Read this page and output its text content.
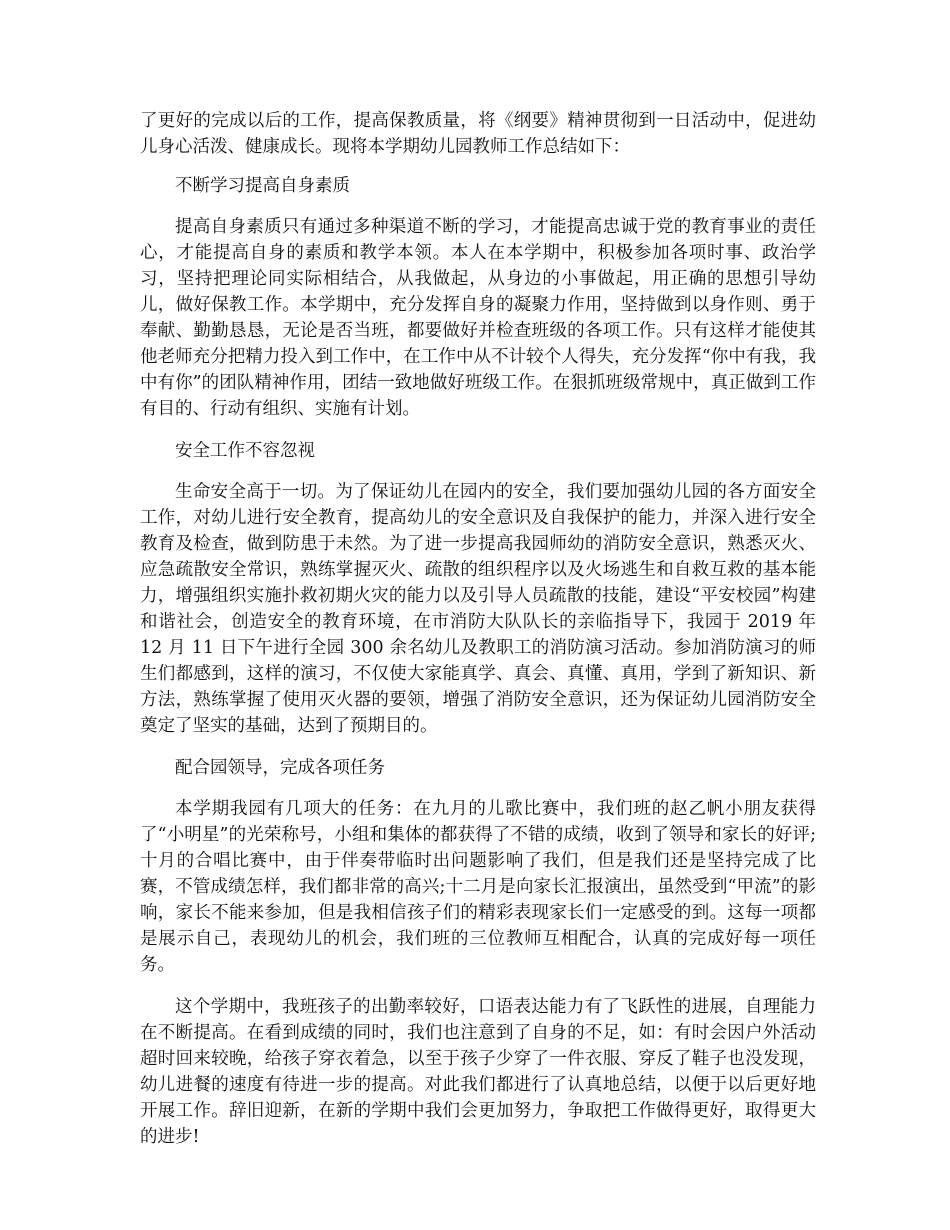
了更好的完成以后的工作，提高保教质量，将《纲要》精神贯彻到一日活动中，促进幼儿身心活泼、健康成长。现将本学期幼儿园教师工作总结如下：

不断学习提高自身素质

提高自身素质只有通过多种渠道不断的学习，才能提高忠诚于党的教育事业的责任心，才能提高自身的素质和教学本领。本人在本学期中，积极参加各项时事、政治学习，坚持把理论同实际相结合，从我做起，从身边的小事做起，用正确的思想引导幼儿，做好保教工作。本学期中，充分发挥自身的凝聚力作用，坚持做到以身作则、勇于奉献、勤勤恳恳，无论是否当班，都要做好并检查班级的各项工作。只有这样才能使其他老师充分把精力投入到工作中，在工作中从不计较个人得失，充分发挥“你中有我，我中有你”的团队精神作用，团结一致地做好班级工作。在狠抓班级常规中，真正做到工作有目的、行动有组织、实施有计划。

安全工作不容忽视

生命安全高于一切。为了保证幼儿在园内的安全，我们要加强幼儿园的各方面安全工作，对幼儿进行安全教育，提高幼儿的安全意识及自我保护的能力，并深入进行安全教育及检查，做到防患于未然。为了进一步提高我园师幼的消防安全意识，熟悉灭火、应急疏散安全常识，熟练掌握灭火、疏散的组织程序以及火场逃生和自救互救的基本能力，增强组织实施扑救初期火灾的能力以及引导人员疏散的技能，建设“平安校园”构建和谐社会，创造安全的教育环境，在市消防大队队长的亲临指导下，我园于 2019 年 12 月 11 日下午进行全园 300 余名幼儿及教职工的消防演习活动。参加消防演习的师生们都感到，这样的演习，不仅使大家能真学、真会、真懂、真用，学到了新知识、新方法，熟练掌握了使用灭火器的要领，增强了消防安全意识，还为保证幼儿园消防安全奠定了坚实的基础，达到了预期目的。

配合园领导，完成各项任务

本学期我园有几项大的任务：在九月的儿歌比赛中，我们班的赵乙帆小朋友获得了“小明星”的光荣称号，小组和集体的都获得了不错的成绩，收到了领导和家长的好评;十月的合唱比赛中，由于伴奏带临时出问题影响了我们，但是我们还是坚持完成了比赛，不管成绩怎样，我们都非常的高兴;十二月是向家长汇报演出，虽然受到“甲流”的影响，家长不能来参加，但是我相信孩子们的精彩表现家长们一定感受的到。这每一项都是展示自己，表现幼儿的机会，我们班的三位教师互相配合，认真的完成好每一项任务。

这个学期中，我班孩子的出勤率较好，口语表达能力有了飞跃性的进展，自理能力在不断提高。在看到成绩的同时，我们也注意到了自身的不足，如：有时会因户外活动超时回来较晚，给孩子穿衣着急，以至于孩子少穿了一件衣服、穿反了鞋子也没发现，幼儿进餐的速度有待进一步的提高。对此我们都进行了认真地总结，以便于以后更好地开展工作。辞旧迎新，在新的学期中我们会更加努力，争取把工作做得更好，取得更大的进步!
